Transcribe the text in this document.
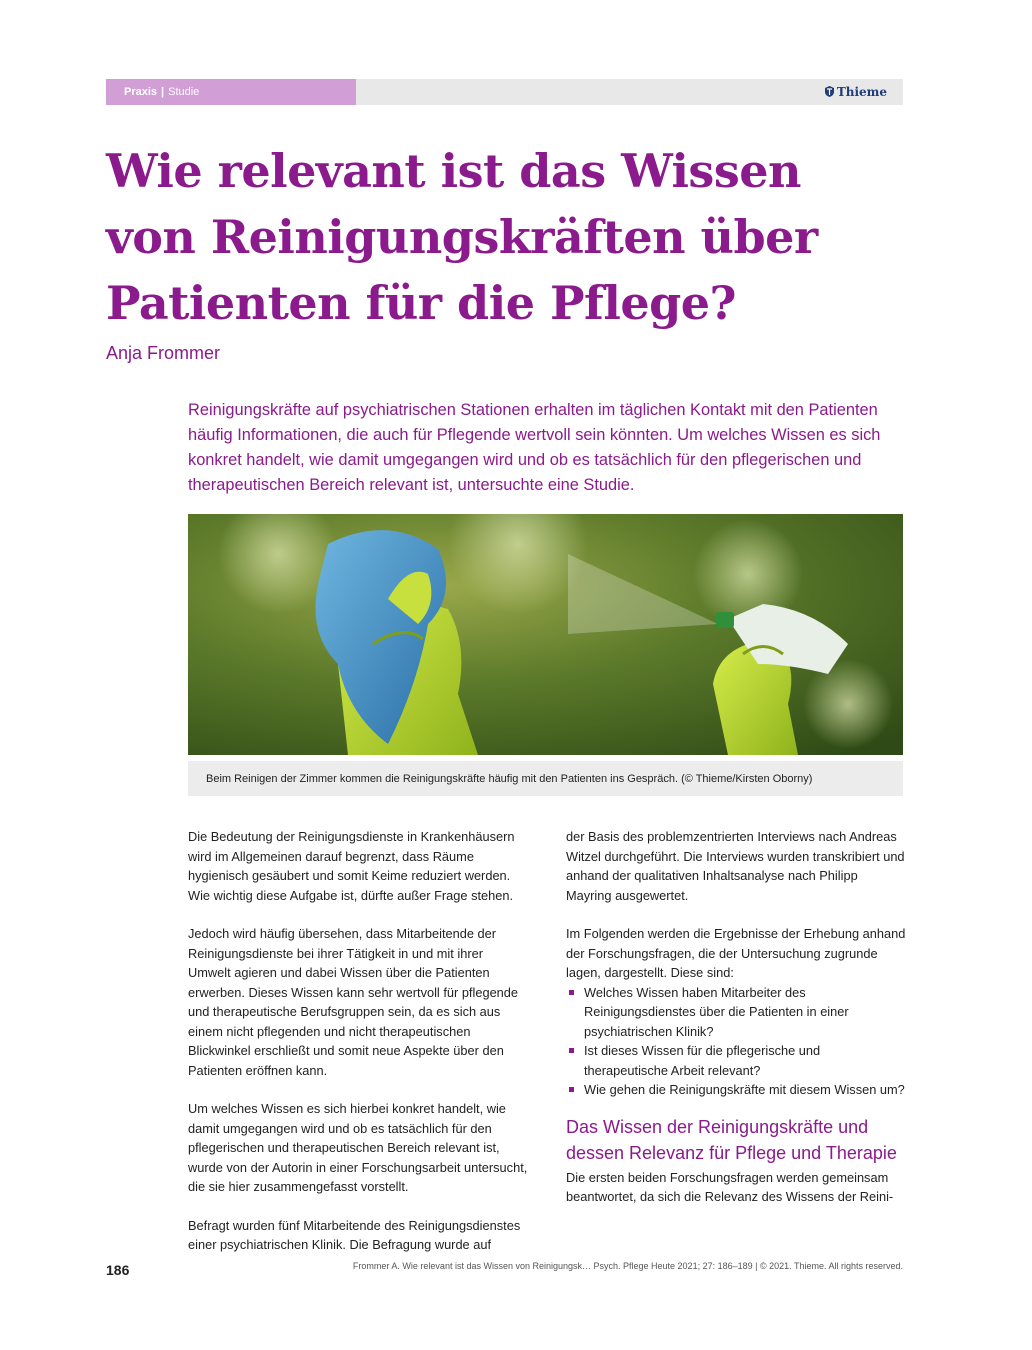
Praxis | Studie	Thieme
Wie relevant ist das Wissen von Reinigungskräften über Patienten für die Pflege?
Anja Frommer
Reinigungskräfte auf psychiatrischen Stationen erhalten im täglichen Kontakt mit den Patienten häufig Informationen, die auch für Pflegende wertvoll sein könnten. Um welches Wissen es sich konkret handelt, wie damit umgegangen wird und ob es tatsächlich für den pflegerischen und therapeutischen Bereich relevant ist, untersuchte eine Studie.
Beim Reinigen der Zimmer kommen die Reinigungskräfte häufig mit den Patienten ins Gespräch. (© Thieme/Kirsten Oborny)

Die Bedeutung der Reinigungsdienste in Krankenhäusern wird im Allgemeinen darauf begrenzt, dass Räume hygienisch gesäubert und somit Keime reduziert werden. Wie wichtig diese Aufgabe ist, dürfte außer Frage stehen.

Jedoch wird häufig übersehen, dass Mitarbeitende der Reinigungsdienste bei ihrer Tätigkeit in und mit ihrer Umwelt agieren und dabei Wissen über die Patienten erwerben. Dieses Wissen kann sehr wertvoll für pflegende und therapeutische Berufsgruppen sein, da es sich aus einem nicht pflegenden und nicht therapeutischen Blickwinkel erschließt und somit neue Aspekte über den Patienten eröffnen kann.

Um welches Wissen es sich hierbei konkret handelt, wie damit umgegangen wird und ob es tatsächlich für den pflegerischen und therapeutischen Bereich relevant ist, wurde von der Autorin in einer Forschungsarbeit untersucht, die sie hier zusammengefasst vorstellt.

Befragt wurden fünf Mitarbeitende des Reinigungsdienstes einer psychiatrischen Klinik. Die Befragung wurde auf

der Basis des problemzentrierten Interviews nach Andreas Witzel durchgeführt. Die Interviews wurden transkribiert und anhand der qualitativen Inhaltsanalyse nach Philipp Mayring ausgewertet.

Im Folgenden werden die Ergebnisse der Erhebung anhand der Forschungsfragen, die der Untersuchung zugrunde lagen, dargestellt. Diese sind:

Welches Wissen haben Mitarbeiter des Reinigungsdienstes über die Patienten in einer psychiatrischen Klinik?
Ist dieses Wissen für die pflegerische und therapeutische Arbeit relevant?
Wie gehen die Reinigungskräfte mit diesem Wissen um?
Das Wissen der Reinigungskräfte und dessen Relevanz für Pflege und Therapie

Die ersten beiden Forschungsfragen werden gemeinsam beantwortet, da sich die Relevanz des Wissens der Reini-

186	Frommer A. Wie relevant ist das Wissen von Reinigungsk… Psych. Pflege Heute 2021; 27: 186–189 | © 2021. Thieme. All rights reserved.
